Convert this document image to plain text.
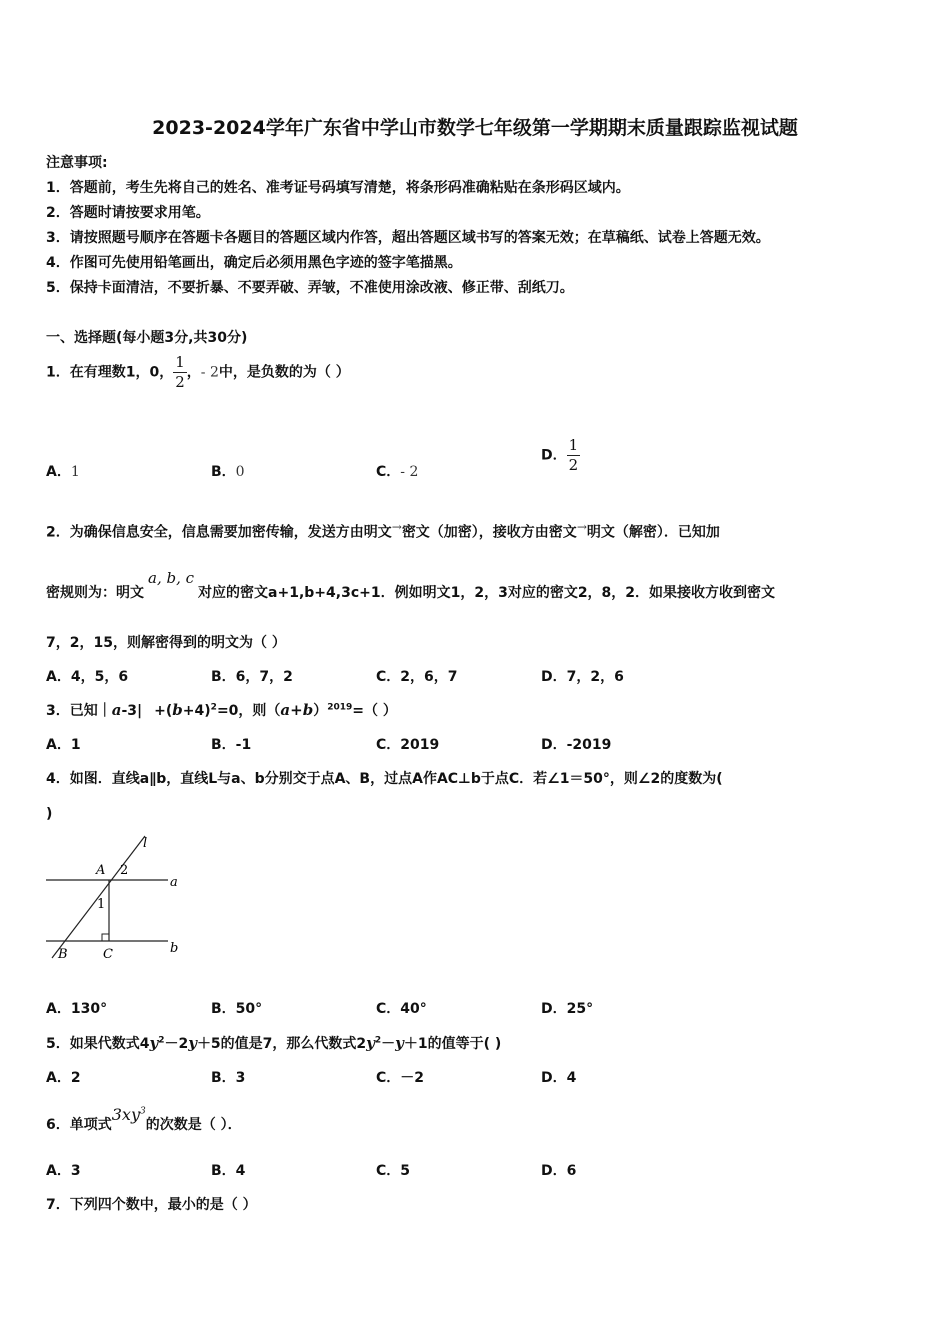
2023-2024学年广东省中学山市数学七年级第一学期期末质量跟踪监视试题
注意事项:
1．答题前，考生先将自己的姓名、准考证号码填写清楚，将条形码准确粘贴在条形码区域内。
2．答题时请按要求用笔。
3．请按照题号顺序在答题卡各题目的答题区域内作答，超出答题区域书写的答案无效；在草稿纸、试卷上答题无效。
4．作图可先使用铅笔画出，确定后必须用黑色字迹的签字笔描黑。
5．保持卡面清洁，不要折暴、不要弄破、弄皱，不准使用涂改液、修正带、刮纸刀。
一、选择题(每小题3分,共30分)
1．在有理数1，0， $\frac{1}{2}$ ，- 2中，是负数的为（ ）
A．1	B．0	C．- 2
D． $\frac{1}{2}$
2．为确保信息安全，信息需要加密传输，发送方由明文→密文（加密），接收方由密文→明文（解密）．已知加
密规则为：明文a, b, c对应的密文a+1,b+4,3c+1．例如明文1，2，3对应的密文2，8，2．如果接收方收到密文
7，2，15，则解密得到的明文为（ ）
A．4，5，6	B．6，7，2	C．2，6，7	D．7，2，6
3．已知｜a-3| $+(b+4)^2=0$，则$(a+b)^{2019}=$（ ）
A．1	B．-1	C．2019	D．-2019
4．如图．直线a∥b，直线L与a、b分别交于点A、B，过点A作AC⊥b于点C．若∠1＝50°，则∠2的度数为(
)
l
A 2
a
1
B	C	b
A．130°	B．50°	C．40°	D．25°
5．如果代数式$4y^2-2y+5$的值是7，那么代数式$2y^2-y+1$的值等于( )
A．2	B．3	C．－2	D．4
6．单项式$3xy^3$的次数是（ ）．
A．3	B．4	C．5	D．6
7．下列四个数中，最小的是（ ）
